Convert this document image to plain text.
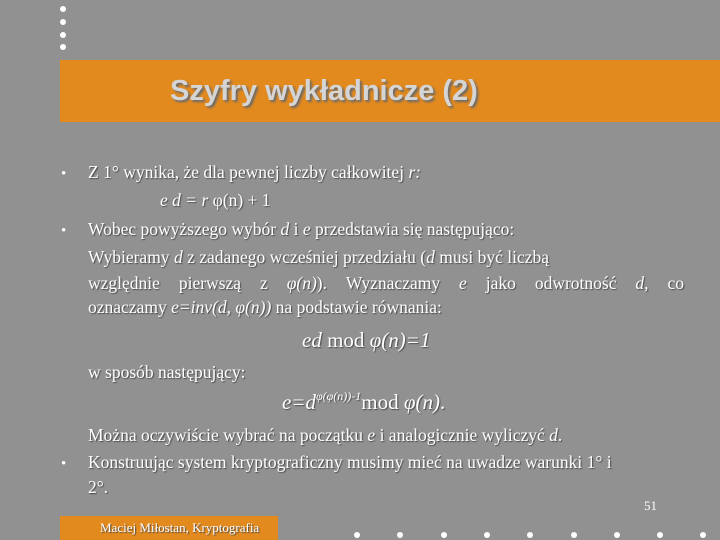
Szyfry wykładnicze (2)
• Z 1° wynika, że dla pewnej liczby całkowitej r:
e d = r φ(n) + 1
• Wobec powyższego wybór d i e przedstawia się następująco:
Wybieramy d z zadanego wcześniej przedziału (d musi być liczbą
względnie pierwszą z φ(n)). Wyznaczamy e jako odwrotność d, co
oznaczamy e=inv(d, φ(n)) na podstawie równania:
ed mod φ(n)=1
w sposób następujący:
$e=d^{\varphi(\varphi(n))-1}mod$ φ(n).
Można oczywiście wybrać na początku e i analogicznie wyliczyć d.
• Konstruując system kryptograficzny musimy mieć na uwadze warunki 1° i
2°.
51
Maciej Miłostan, Kryptografia
